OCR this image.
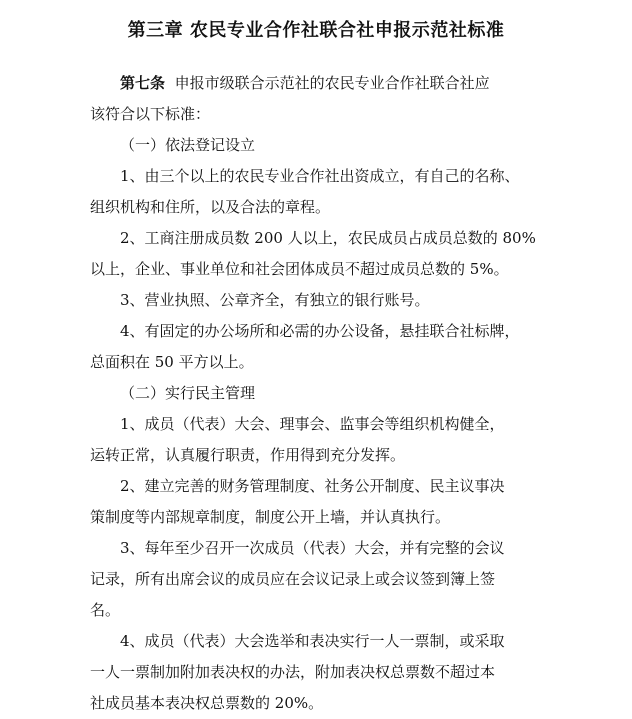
第三章 农民专业合作社联合社申报示范社标准
第七条 申报市级联合示范社的农民专业合作社联合社应
该符合以下标准：
（一）依法登记设立
1、由三个以上的农民专业合作社出资成立，有自己的名称、
组织机构和住所，以及合法的章程。
2、工商注册成员数 200 人以上，农民成员占成员总数的 80%
以上，企业、事业单位和社会团体成员不超过成员总数的 5%。
3、营业执照、公章齐全，有独立的银行账号。
4、有固定的办公场所和必需的办公设备，悬挂联合社标牌，
总面积在 50 平方以上。
（二）实行民主管理
1、成员（代表）大会、理事会、监事会等组织机构健全，
运转正常，认真履行职责，作用得到充分发挥。
2、建立完善的财务管理制度、社务公开制度、民主议事决
策制度等内部规章制度，制度公开上墙，并认真执行。
3、每年至少召开一次成员（代表）大会，并有完整的会议
记录，所有出席会议的成员应在会议记录上或会议签到簿上签
名。
4、成员（代表）大会选举和表决实行一人一票制，或采取
一人一票制加附加表决权的办法，附加表决权总票数不超过本
社成员基本表决权总票数的 20%。
